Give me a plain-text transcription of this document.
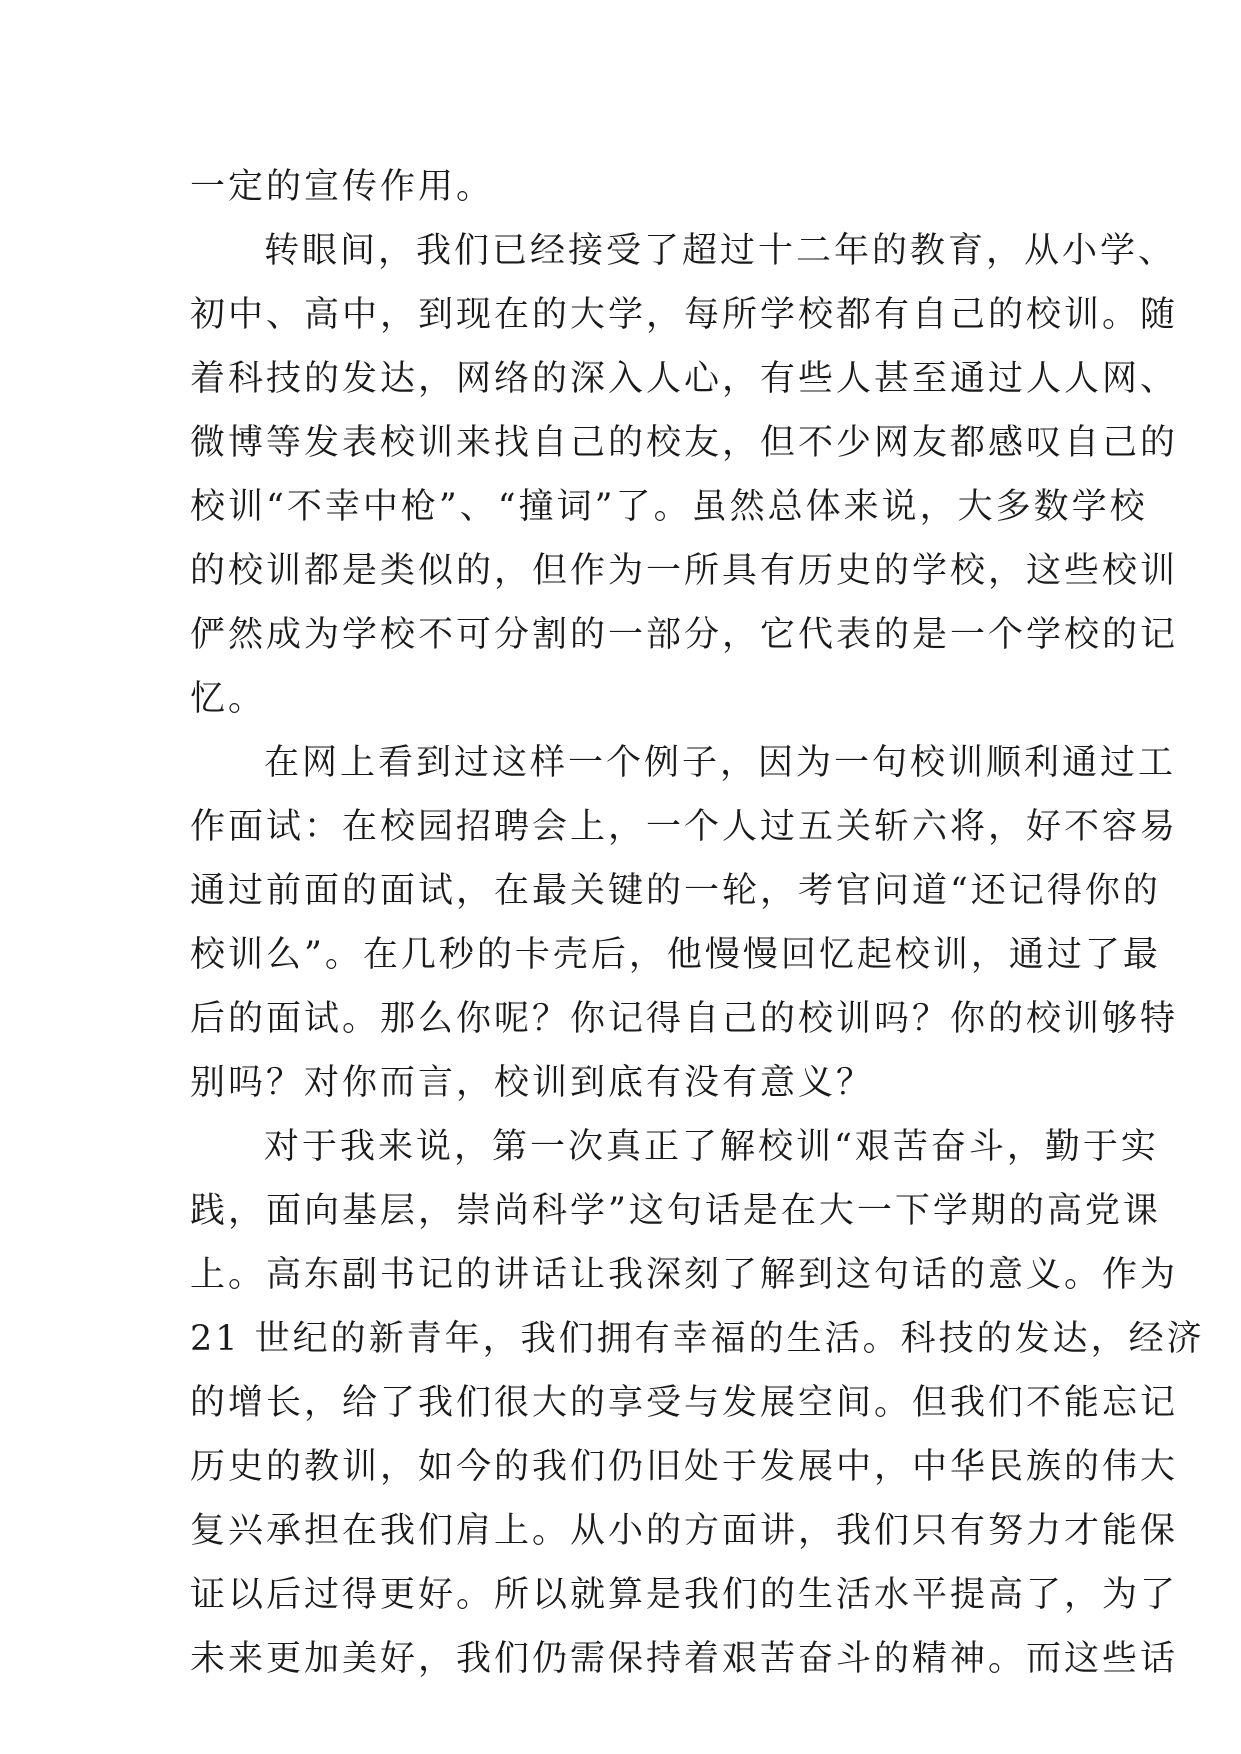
一定的宣传作用。
转眼间，我们已经接受了超过十二年的教育，从小学、
初中、高中，到现在的大学，每所学校都有自己的校训。随
着科技的发达，网络的深入人心，有些人甚至通过人人网、
微博等发表校训来找自己的校友，但不少网友都感叹自己的
校训“不幸中枪”、“撞词”了。虽然总体来说，大多数学校
的校训都是类似的，但作为一所具有历史的学校，这些校训
俨然成为学校不可分割的一部分，它代表的是一个学校的记
忆。
在网上看到过这样一个例子，因为一句校训顺利通过工
作面试：在校园招聘会上，一个人过五关斩六将，好不容易
通过前面的面试，在最关键的一轮，考官问道“还记得你的
校训么”。在几秒的卡壳后，他慢慢回忆起校训，通过了最
后的面试。那么你呢？你记得自己的校训吗？你的校训够特
别吗？对你而言，校训到底有没有意义？
对于我来说，第一次真正了解校训“艰苦奋斗，勤于实
践，面向基层，崇尚科学”这句话是在大一下学期的高党课
上。高东副书记的讲话让我深刻了解到这句话的意义。作为
21 世纪的新青年，我们拥有幸福的生活。科技的发达，经济
的增长，给了我们很大的享受与发展空间。但我们不能忘记
历史的教训，如今的我们仍旧处于发展中，中华民族的伟大
复兴承担在我们肩上。从小的方面讲，我们只有努力才能保
证以后过得更好。所以就算是我们的生活水平提高了，为了
未来更加美好，我们仍需保持着艰苦奋斗的精神。而这些话
